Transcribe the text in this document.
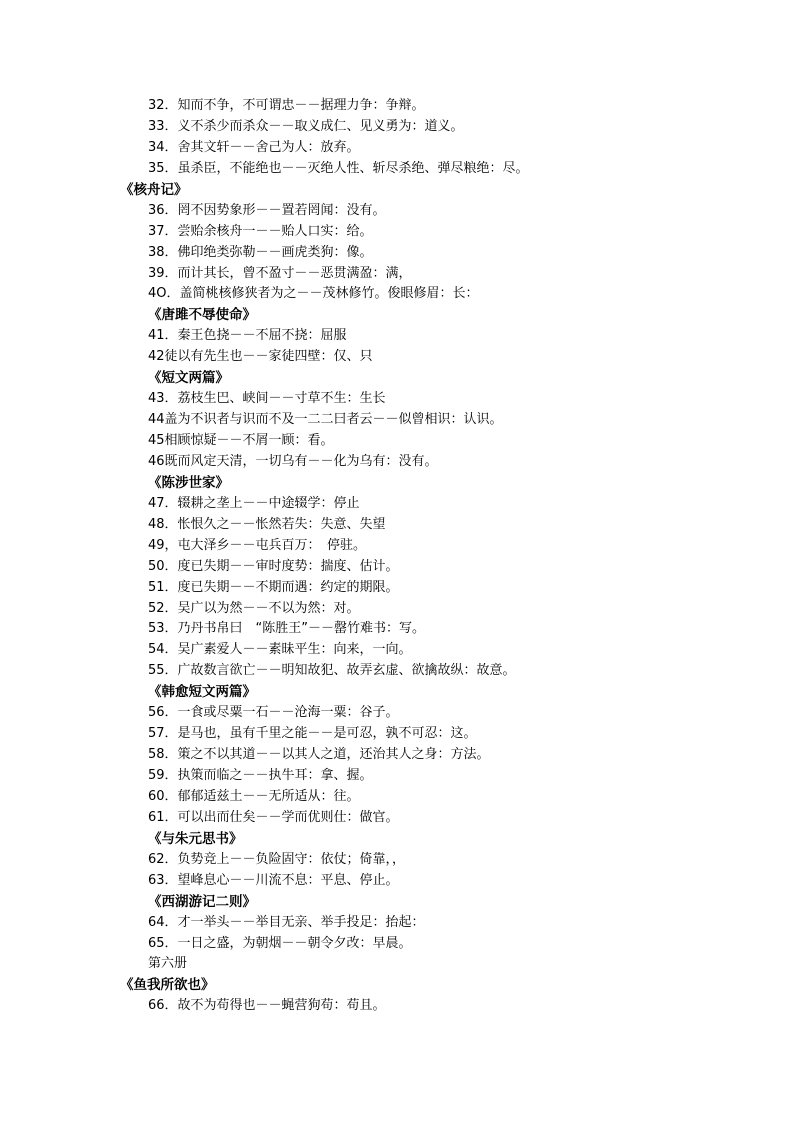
32．知而不争，不可谓忠－－据理力争：争辩。
33．义不杀少而杀众－－取义成仁、见义勇为：道义。
34．舍其文轩－－舍己为人：放弃。
35．虽杀臣，不能绝也－－灭绝人性、斩尽杀绝、弹尽粮绝：尽。
《核舟记》
36．罔不因势象形－－置若罔闻：没有。
37．尝贻余核舟一－－贻人口实：给。
38．佛印绝类弥勒－－画虎类狗：像。
39．而计其长，曾不盈寸－－恶贯满盈：满，
4O．盖简桃核修狭者为之－－茂林修竹。俊眼修眉：长：
《唐雎不辱使命》
41．秦王色挠－－不屈不挠：屈服
42徒以有先生也－－家徒四壁：仅、只
《短文两篇》
43．荔枝生巴、峡间－－寸草不生：生长
44盖为不识者与识而不及一二二曰者云－－似曾相识：认识。
45相顾惊疑－－不屑一顾：看。
46既而风定天清，一切乌有－－化为乌有：没有。
《陈涉世家》
47．辍耕之垄上－－中途辍学：停止
48．怅恨久之－－怅然若失：失意、失望
49，屯大泽乡－－屯兵百万：　停驻。
50．度已失期－－审时度势：揣度、估计。
51．度已失期－－不期而遇：约定的期限。
52．吴广以为然－－不以为然：对。
53．乃丹书帛曰　“陈胜王”－－罄竹难书：写。
54．吴广素爱人－－素昧平生：向来，一向。
55．广故数言欲亡－－明知故犯、故弄玄虚、欲擒故纵：故意。
《韩愈短文两篇》
56．一食或尽粟一石－－沧海一粟：谷子。
57．是马也，虽有千里之能－－是可忍，孰不可忍：这。
58．策之不以其道－－以其人之道，还治其人之身：方法。
59．执策而临之－－执牛耳：拿、握。
60．郁郁适兹土－－无所适从：往。
61．可以出而仕矣－－学而优则仕：做官。
《与朱元思书》
62．负势竞上－－负险固守：依仗；倚靠，，
63．望峰息心－－川流不息：平息、停止。
《西湖游记二则》
64．才一举头－－举目无亲、举手投足：抬起：
65．一日之盛，为朝烟－－朝令夕改：早晨。
第六册
《鱼我所欲也》
66．故不为苟得也－－蝇营狗苟：苟且。
